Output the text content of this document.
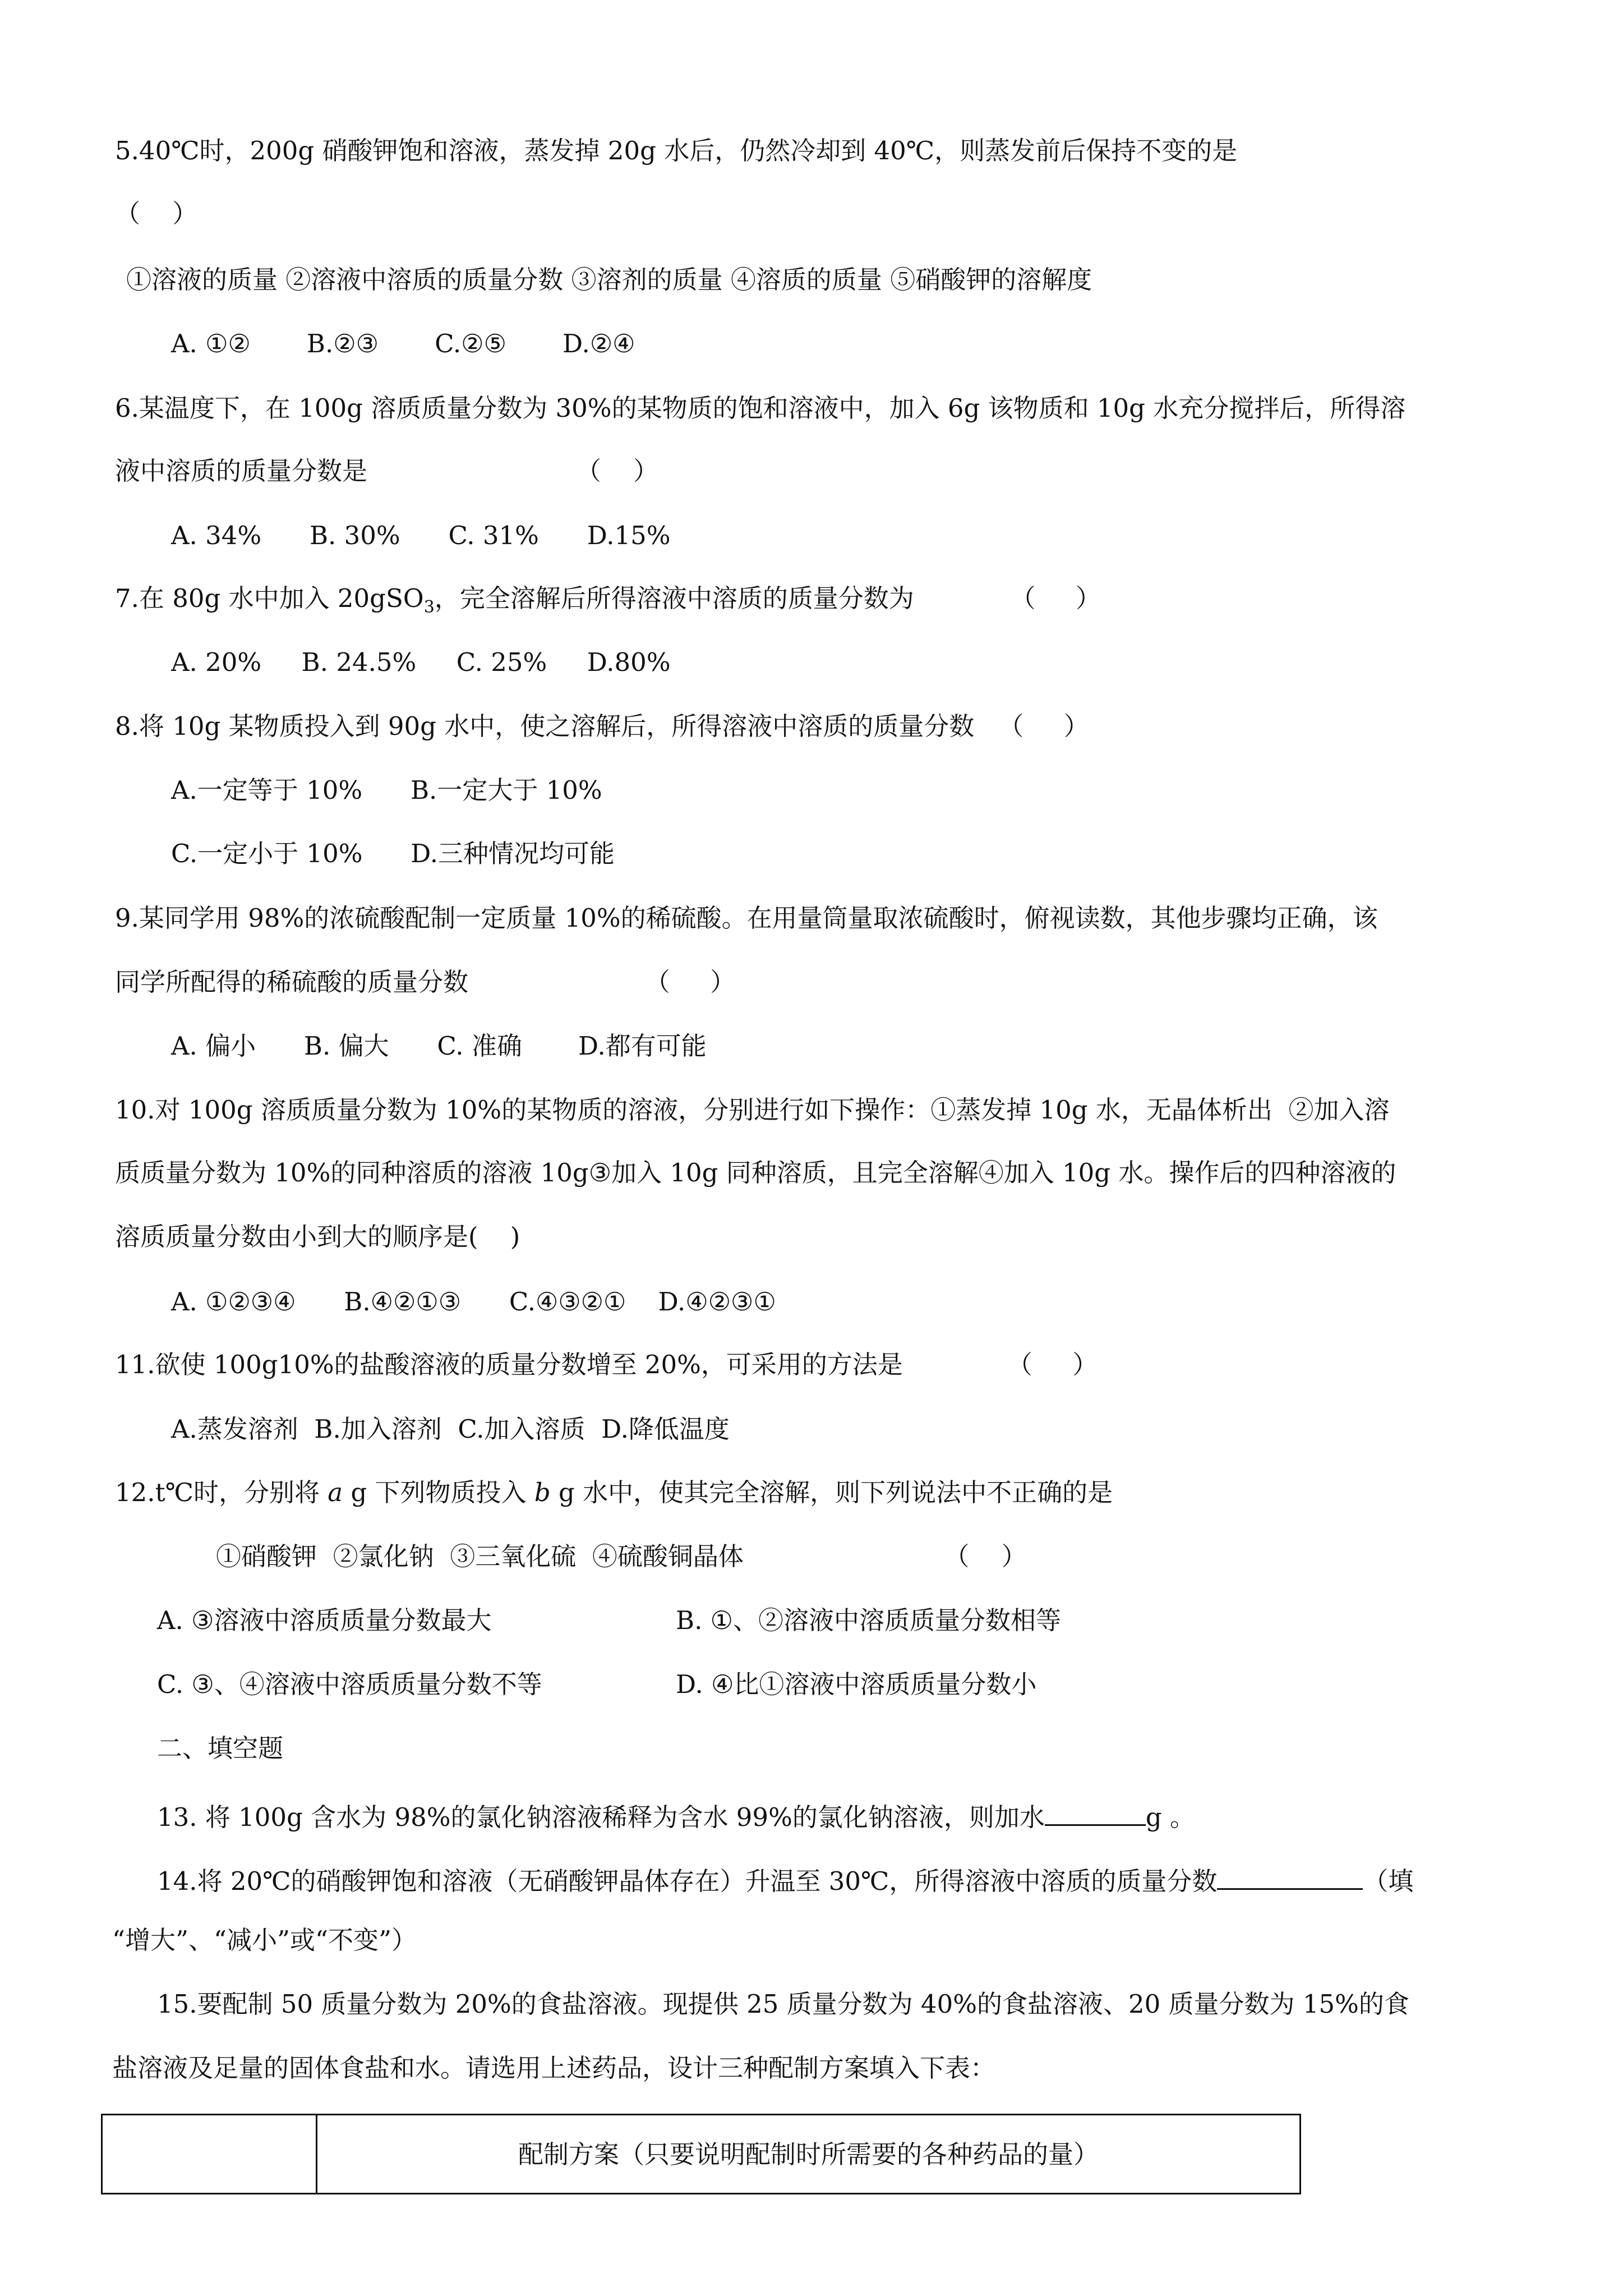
5.40℃时，200g 硝酸钾饱和溶液，蒸发掉 20g 水后，仍然冷却到 40℃，则蒸发前后保持不变的是
（    ）
①溶液的质量 ②溶液中溶质的质量分数 ③溶剂的质量 ④溶质的质量 ⑤硝酸钾的溶解度
A. ①②       B.②③       C.②⑤       D.②④
6.某温度下，在 100g 溶质质量分数为 30%的某物质的饱和溶液中，加入 6g 该物质和 10g 水充分搅拌后，所得溶
液中溶质的质量分数是                          （    ）
A. 34%      B. 30%      C. 31%      D.15%
7.在 80g 水中加入 20gSO$_3$，完全溶解后所得溶液中溶质的质量分数为            （     ）
A. 20%     B. 24.5%     C. 25%     D.80%
8.将 10g 某物质投入到 90g 水中，使之溶解后，所得溶液中溶质的质量分数   （     ）
A.一定等于 10%      B.一定大于 10%
C.一定小于 10%      D.三种情况均可能
9.某同学用 98%的浓硫酸配制一定质量 10%的稀硫酸。在用量筒量取浓硫酸时，俯视读数，其他步骤均正确，该
同学所配得的稀硫酸的质量分数                      （     ）
A. 偏小      B. 偏大      C. 准确       D.都有可能
10.对 100g 溶质质量分数为 10%的某物质的溶液，分别进行如下操作：①蒸发掉 10g 水，无晶体析出  ②加入溶
质质量分数为 10%的同种溶质的溶液 10g③加入 10g 同种溶质，且完全溶解④加入 10g 水。操作后的四种溶液的
溶质质量分数由小到大的顺序是(    )
A. ①②③④      B.④②①③      C.④③②①    D.④②③①
11.欲使 100g10%的盐酸溶液的质量分数增至 20%，可采用的方法是             （     ）
A.蒸发溶剂  B.加入溶剂  C.加入溶质  D.降低温度
12.t℃时，分别将 a g 下列物质投入 b g 水中，使其完全溶解，则下列说法中不正确的是
①硝酸钾  ②氯化钠  ③三氧化硫  ④硫酸铜晶体                         （    ）
A. ③溶液中溶质质量分数最大	B. ①、②溶液中溶质质量分数相等
C. ③、④溶液中溶质质量分数不等	D. ④比①溶液中溶质质量分数小
二、填空题
13. 将 100g 含水为 98%的氯化钠溶液稀释为含水 99%的氯化钠溶液，则加水	g 。
14.将 20℃的硝酸钾饱和溶液（无硝酸钾晶体存在）升温至 30℃，所得溶液中溶质的质量分数	（填
“增大”、“减小”或“不变”）
15.要配制 50 质量分数为 20%的食盐溶液。现提供 25 质量分数为 40%的食盐溶液、20 质量分数为 15%的食
盐溶液及足量的固体食盐和水。请选用上述药品，设计三种配制方案填入下表：
配制方案（只要说明配制时所需要的各种药品的量）
